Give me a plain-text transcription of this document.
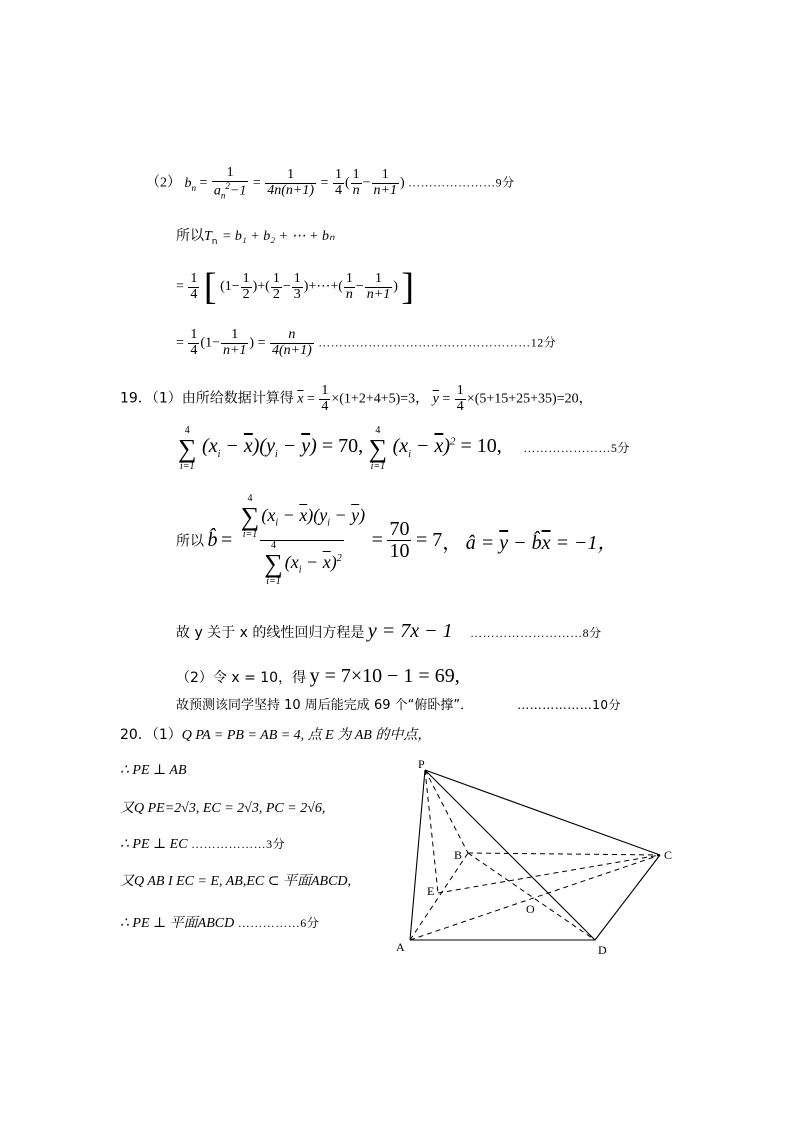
（2） $b_n = \frac{1}{a_n^2-1} = \frac{1}{4n(n+1)} = \frac{1}{4}$ ( $\frac{1}{n} - \frac{1}{n+1}$ ) …………………9分
所以$T_n = b_1 + b_2$ + ⋯ + bₙ
= $\frac{1}{4}$ [ ($1- \frac{1}{2}$ )+( $\frac{1}{2} - \frac{1}{3}$ )+⋯+( $\frac{1}{n} - \frac{1}{n+1}$ ) ]
= $\frac{1}{4} (1- \frac{1}{n+1}$ ) = $\frac{n}{4(n+1)}$ ……………………………………………12分
19．（1）由所给数据计算得 $\overline{x} = \frac{1}{4} \times(1+2+4+5)=3$， $\overline{y} = \frac{1}{4} \times(5+15+25+35)=20$，
4
∑
i=1
$(x_i - \overline{x})(y_i - \overline{y}) = 70$,
4
∑
i=1
$(x_i - \overline{x})^2 = 10$, …………………5分
所以 b̂ = 4
∑
i=1
$(x_i - \overline{x})(y_i - \overline{y})$
4
∑
i=1
$(x_i - \overline{x})^2 = \frac{70}{10} = 7$， â = $\overline{y}$ − $b̂\overline{x} = -1$，
故 y 关于 x 的线性回归方程是 y = 7x − 1 ………………………8分
（2）令 x = 10，得 y = 7×10 − 1 = 69,
故预测该同学坚持 10 周后能完成 69 个“俯卧撑”．	………………10分
20．（1）Q PA = PB = AB = 4, 点 E 为 AB 的中点，
∴ PE ⊥ AB
又Q PE=2√3, EC = 2√3, PC = 2√6,
∴ PE ⊥ EC ………………3分
又Q AB I EC = E, AB,EC ⊂ 平面ABCD,
∴ PE ⊥ 平面ABCD ……………6分
P
A
B	C
D
E
O
